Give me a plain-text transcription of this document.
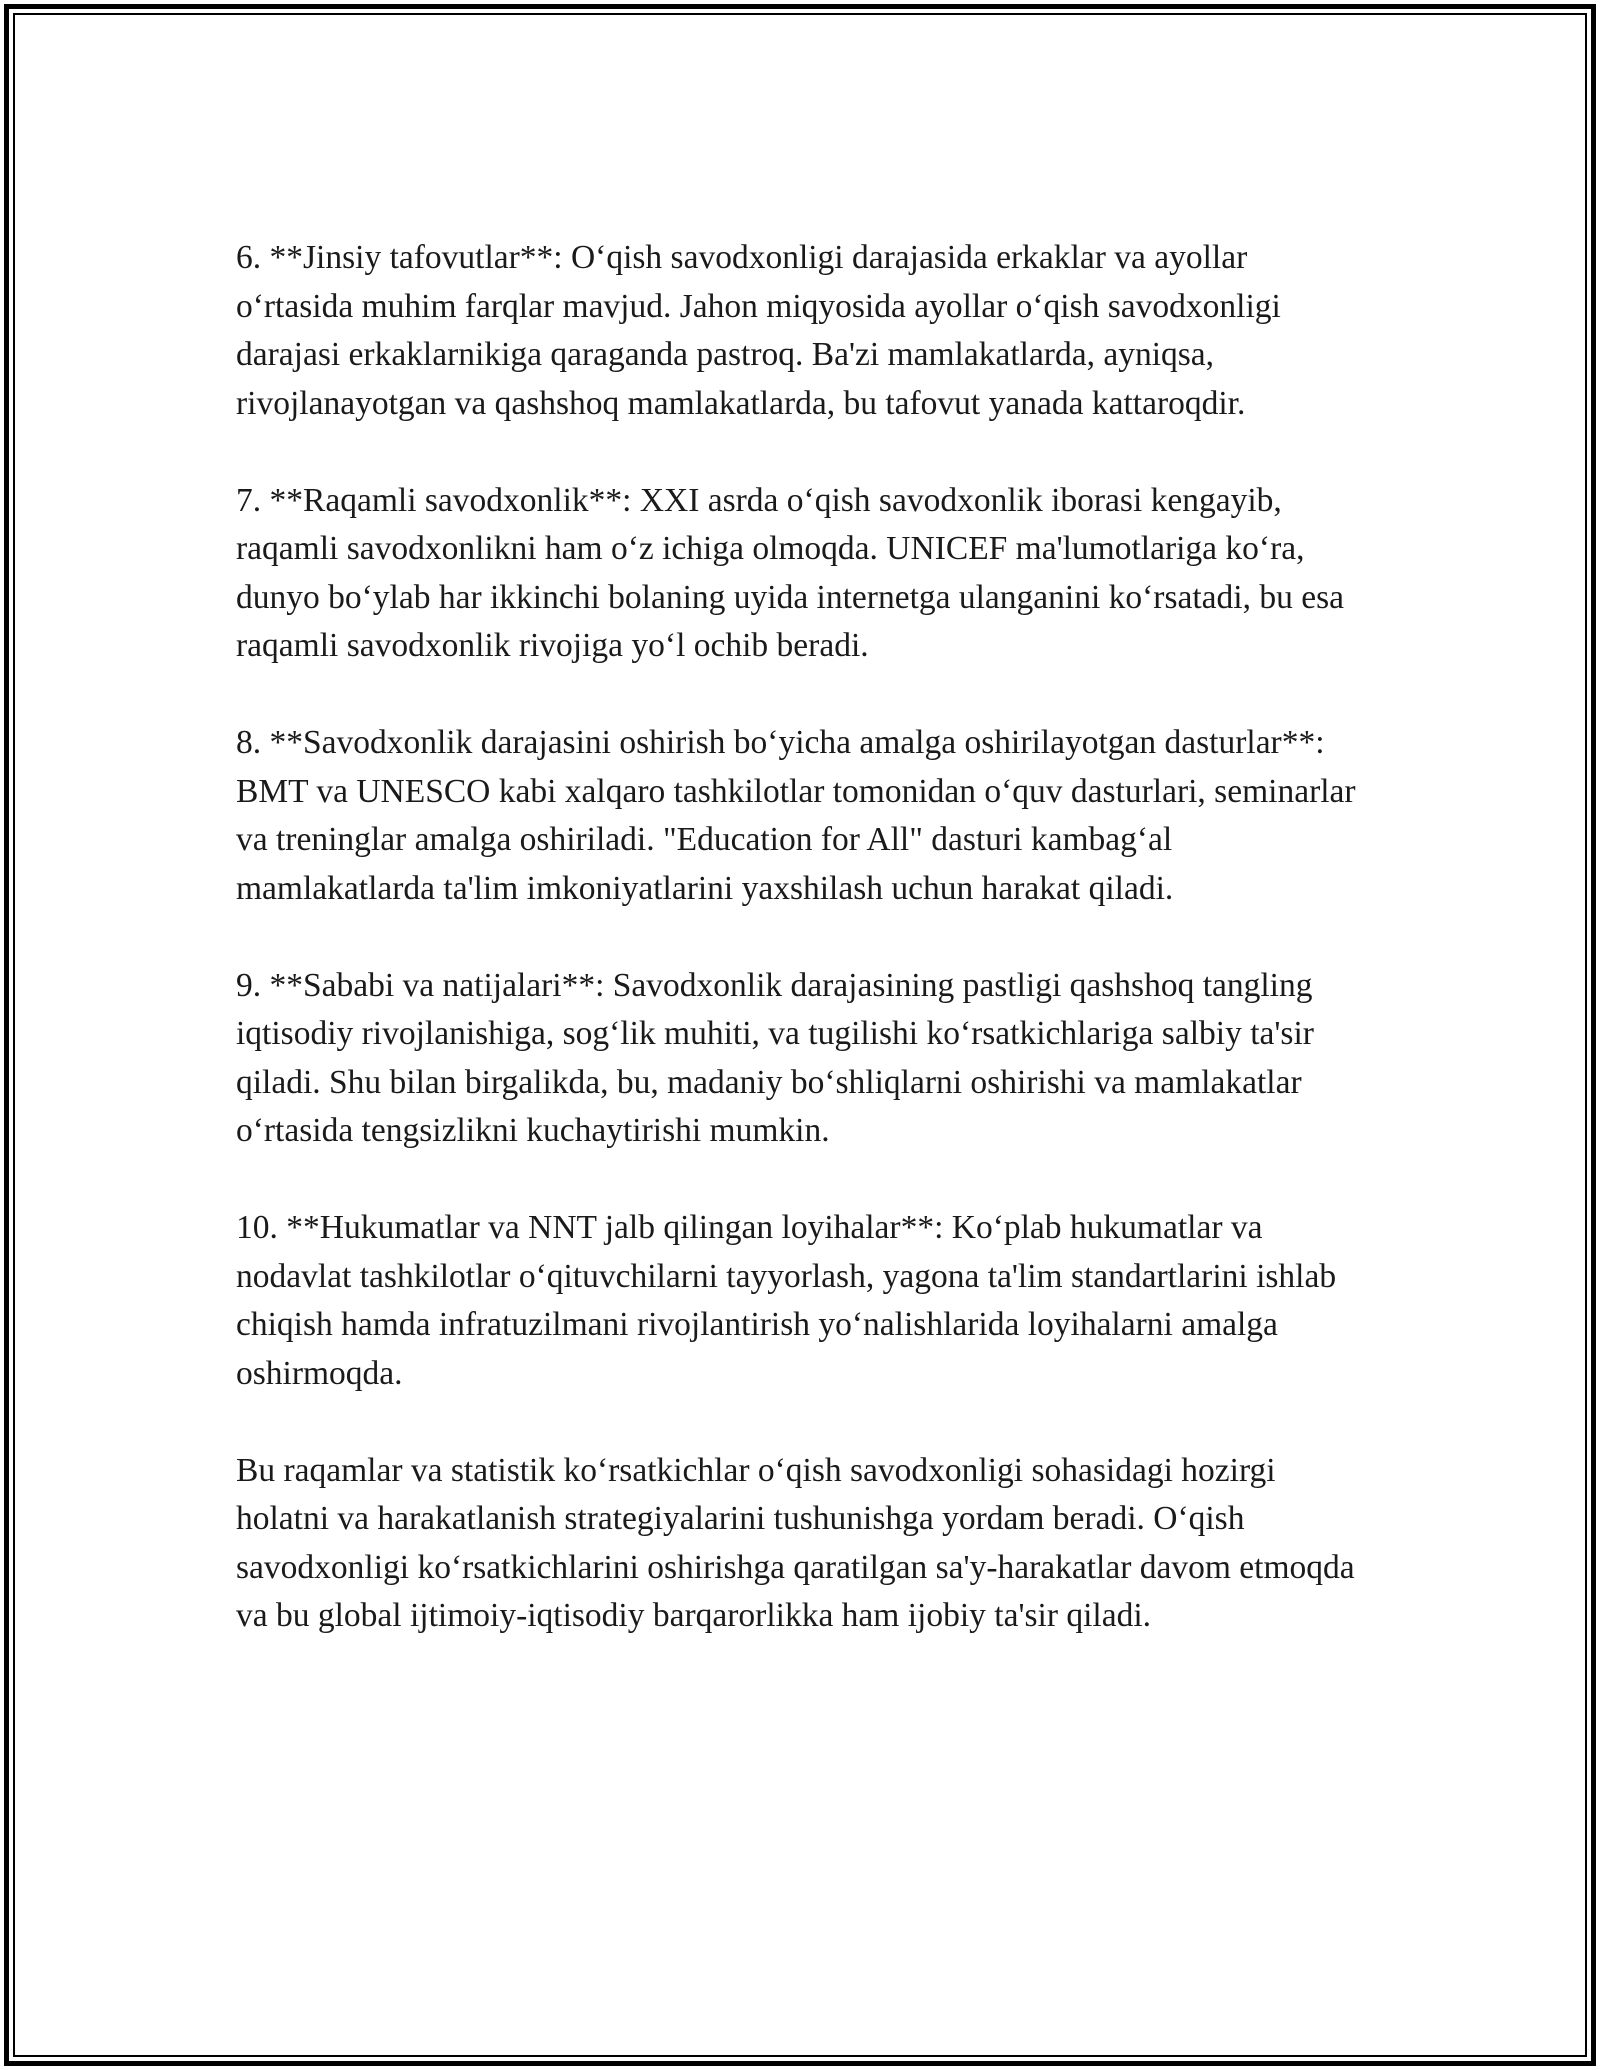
6. **Jinsiy tafovutlar**: O‘qish savodxonligi darajasida erkaklar va ayollar o‘rtasida muhim farqlar mavjud. Jahon miqyosida ayollar o‘qish savodxonligi darajasi erkaklarnikiga qaraganda pastroq. Ba'zi mamlakatlarda, ayniqsa, rivojlanayotgan va qashshoq mamlakatlarda, bu tafovut yanada kattaroqdir.

7. **Raqamli savodxonlik**: XXI asrda o‘qish savodxonlik iborasi kengayib, raqamli savodxonlikni ham o‘z ichiga olmoqda. UNICEF ma'lumotlariga ko‘ra, dunyo bo‘ylab har ikkinchi bolaning uyida internetga ulanganini ko‘rsatadi, bu esa raqamli savodxonlik rivojiga yo‘l ochib beradi.

8. **Savodxonlik darajasini oshirish bo‘yicha amalga oshirilayotgan dasturlar**: BMT va UNESCO kabi xalqaro tashkilotlar tomonidan o‘quv dasturlari, seminarlar va treninglar amalga oshiriladi. "Education for All" dasturi kambag‘al mamlakatlarda ta'lim imkoniyatlarini yaxshilash uchun harakat qiladi.

9. **Sababi va natijalari**: Savodxonlik darajasining pastligi qashshoq tangling iqtisodiy rivojlanishiga, sog‘lik muhiti, va tugilishi ko‘rsatkichlariga salbiy ta'sir qiladi. Shu bilan birgalikda, bu, madaniy bo‘shliqlarni oshirishi va mamlakatlar o‘rtasida tengsizlikni kuchaytirishi mumkin.

10. **Hukumatlar va NNT jalb qilingan loyihalar**: Ko‘plab hukumatlar va nodavlat tashkilotlar o‘qituvchilarni tayyorlash, yagona ta'lim standartlarini ishlab chiqish hamda infratuzilmani rivojlantirish yo‘nalishlarida loyihalarni amalga oshirmoqda.

Bu raqamlar va statistik ko‘rsatkichlar o‘qish savodxonligi sohasidagi hozirgi holatni va harakatlanish strategiyalarini tushunishga yordam beradi. O‘qish savodxonligi ko‘rsatkichlarini oshirishga qaratilgan sa'y-harakatlar davom etmoqda va bu global ijtimoiy-iqtisodiy barqarorlikka ham ijobiy ta'sir qiladi.
